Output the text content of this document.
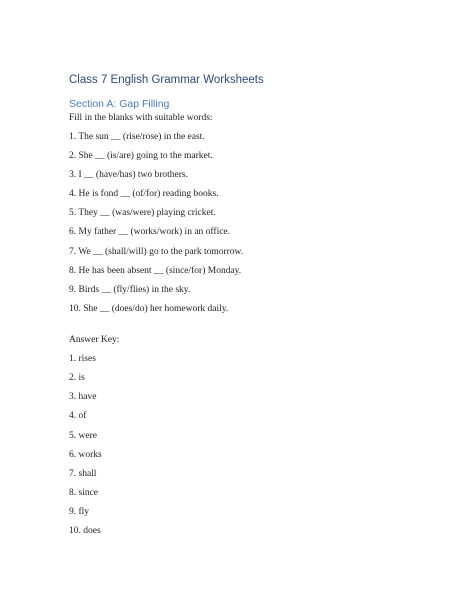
Class 7 English Grammar Worksheets
Section A: Gap Filling
Fill in the blanks with suitable words:
1. The sun __ (rise/rose) in the east.
2. She __ (is/are) going to the market.
3. I __ (have/has) two brothers.
4. He is fond __ (of/for) reading books.
5. They __ (was/were) playing cricket.
6. My father __ (works/work) in an office.
7. We __ (shall/will) go to the park tomorrow.
8. He has been absent __ (since/for) Monday.
9. Birds __ (fly/flies) in the sky.
10. She __ (does/do) her homework daily.
Answer Key:
1. rises
2. is
3. have
4. of
5. were
6. works
7. shall
8. since
9. fly
10. does
